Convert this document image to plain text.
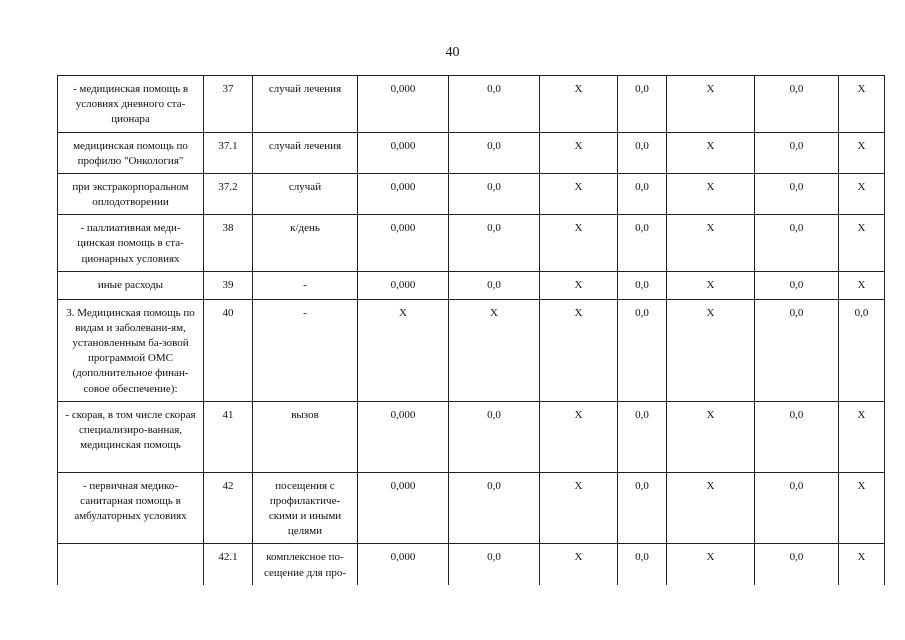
40
- медицинская помощь в условиях дневного ста-ционара	37	случай лечения	0,000	0,0	X	0,0	X	0,0	X
медицинская помощь по профилю "Онкология"	37.1	случай лечения	0,000	0,0	X	0,0	X	0,0	X
при экстракорпоральном оплодотворении	37.2	случай	0,000	0,0	X	0,0	X	0,0	X
- паллиативная меди-цинская помощь в ста-ционарных условиях	38	к/день	0,000	0,0	X	0,0	X	0,0	X
иные расходы	39	-	0,000	0,0	X	0,0	X	0,0	X
3. Медицинская помощь по видам и заболевани-ям, установленным ба-зовой программой ОМС (дополнительное финан-совое обеспечение):	40	-	X	X	X	0,0	X	0,0	0,0
- скорая, в том числе скорая специализиро-ванная, медицинская помощь	41	вызов	0,000	0,0	X	0,0	X	0,0	X
- первичная медико-санитарная помощь в амбулаторных условиях	42	посещения с профилактиче-скими и иными целями	0,000	0,0	X	0,0	X	0,0	X
	42.1	комплексное по-сещение для про-	0,000	0,0	X	0,0	X	0,0	X
